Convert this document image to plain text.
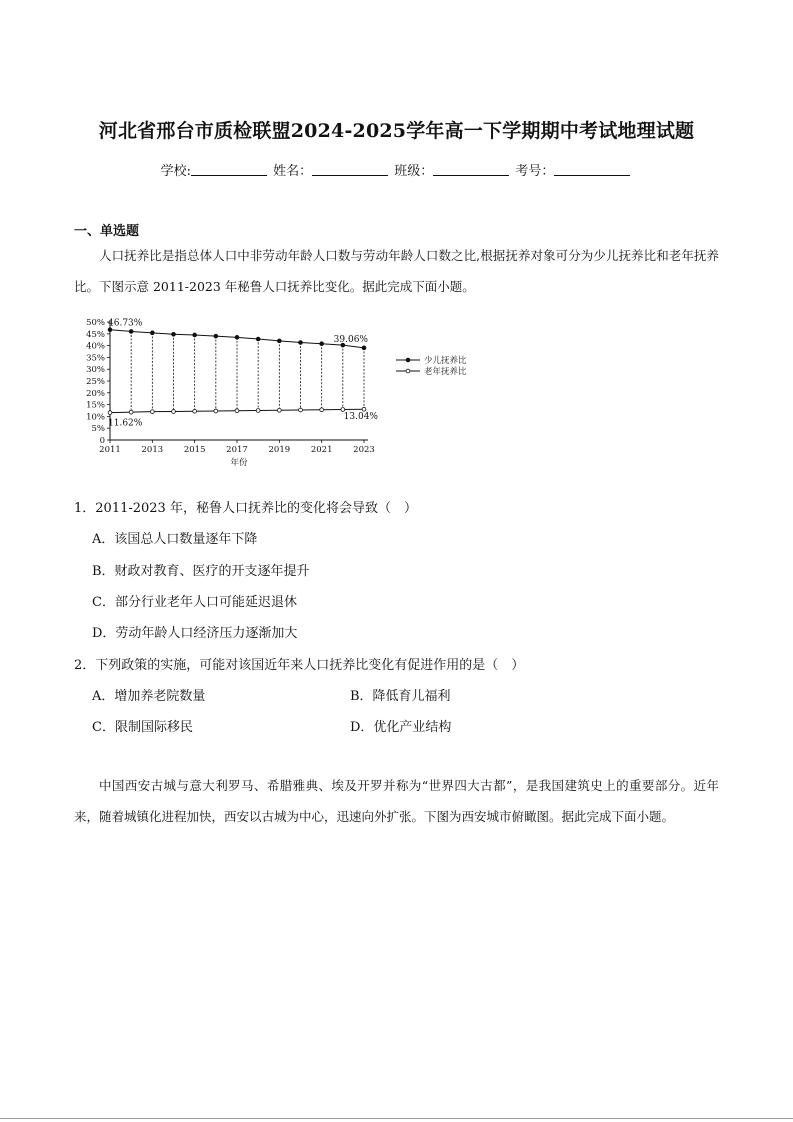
河北省邢台市质检联盟2024-2025学年高一下学期期中考试地理试题
学校:	姓名：	班级：	考号：
一、单选题
人口抚养比是指总体人口中非劳动年龄人口数与劳动年龄人口数之比,根据抚养对象可分为少儿抚养比和老年抚养比。下图示意 2011-2023 年秘鲁人口抚养比变化。据此完成下面小题。
0
5%
10%
15%
20%
25%
30%
35%
40%
45%
50%
2011 2013 2015 2017 2019 2021 2023
年份
46.73%
39.06%
11.62%
13.04%
少儿抚养比
老年抚养比
1．2011-2023 年，秘鲁人口抚养比的变化将会导致（　）
A．该国总人口数量逐年下降
B．财政对教育、医疗的开支逐年提升
C．部分行业老年人口可能延迟退休
D．劳动年龄人口经济压力逐渐加大
2．下列政策的实施，可能对该国近年来人口抚养比变化有促进作用的是（　）
A．增加养老院数量	B．降低育儿福利
C．限制国际移民	D．优化产业结构
中国西安古城与意大利罗马、希腊雅典、埃及开罗并称为“世界四大古都”，是我国建筑史上的重要部分。近年来，随着城镇化进程加快，西安以古城为中心，迅速向外扩张。下图为西安城市俯瞰图。据此完成下面小题。
